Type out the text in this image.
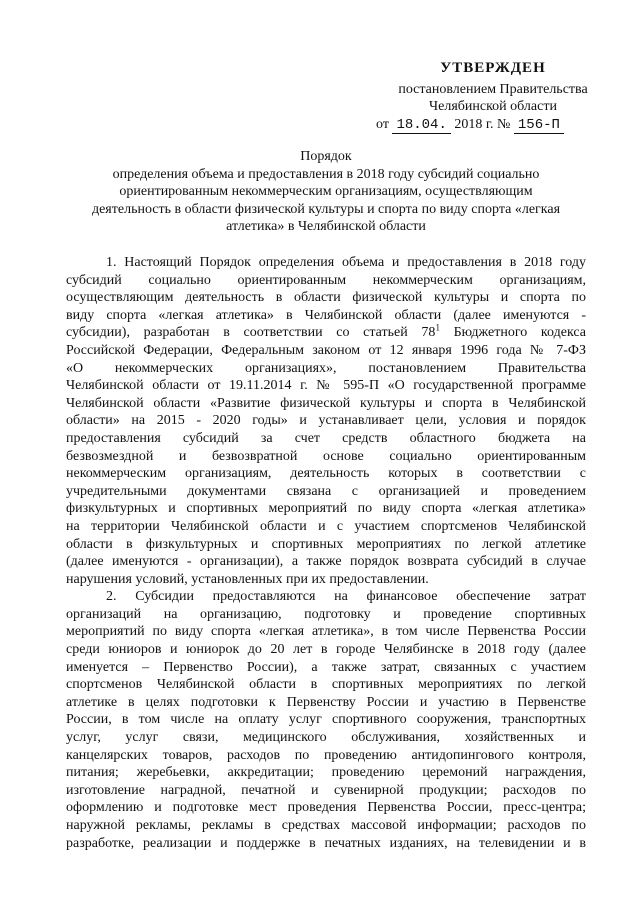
УТВЕРЖДЕН
постановлением Правительства
Челябинской области
от 18.04. 2018 г. № 156-П

Порядок

определения объема и предоставления в 2018 году субсидий социально

ориентированным некоммерческим организациям, осуществляющим

деятельность в области физической культуры и спорта по виду спорта «легкая

атлетика» в Челябинской области

1. Настоящий Порядок определения объема и предоставления в 2018 году

субсидий социально ориентированным некоммерческим организациям,

осуществляющим деятельность в области физической культуры и спорта по

виду спорта «легкая атлетика» в Челябинской области (далее именуются -

субсидии), разработан в соответствии со статьей $78^1$ Бюджетного кодекса

Российской Федерации, Федеральным законом от 12 января 1996 года № 7-ФЗ

«О некоммерческих организациях», постановлением Правительства

Челябинской области от 19.11.2014 г. № 595-П «О государственной программе

Челябинской области «Развитие физической культуры и спорта в Челябинской

области» на 2015 - 2020 годы» и устанавливает цели, условия и порядок

предоставления субсидий за счет средств областного бюджета на

безвозмездной и безвозвратной основе социально ориентированным

некоммерческим организациям, деятельность которых в соответствии с

учредительными документами связана с организацией и проведением

физкультурных и спортивных мероприятий по виду спорта «легкая атлетика»

на территории Челябинской области и с участием спортсменов Челябинской

области в физкультурных и спортивных мероприятиях по легкой атлетике

(далее именуются - организации), а также порядок возврата субсидий в случае

нарушения условий, установленных при их предоставлении.

2. Субсидии предоставляются на финансовое обеспечение затрат

организаций на организацию, подготовку и проведение спортивных

мероприятий по виду спорта «легкая атлетика», в том числе Первенства России

среди юниоров и юниорок до 20 лет в городе Челябинске в 2018 году (далее

именуется – Первенство России), а также затрат, связанных с участием

спортсменов Челябинской области в спортивных мероприятиях по легкой

атлетике в целях подготовки к Первенству России и участию в Первенстве

России, в том числе на оплату услуг спортивного сооружения, транспортных

услуг, услуг связи, медицинского обслуживания, хозяйственных и

канцелярских товаров, расходов по проведению антидопингового контроля,

питания; жеребьевки, аккредитации; проведению церемоний награждения,

изготовление наградной, печатной и сувенирной продукции; расходов по

оформлению и подготовке мест проведения Первенства России, пресс-центра;

наружной рекламы, рекламы в средствах массовой информации; расходов по

разработке, реализации и поддержке в печатных изданиях, на телевидении и в
